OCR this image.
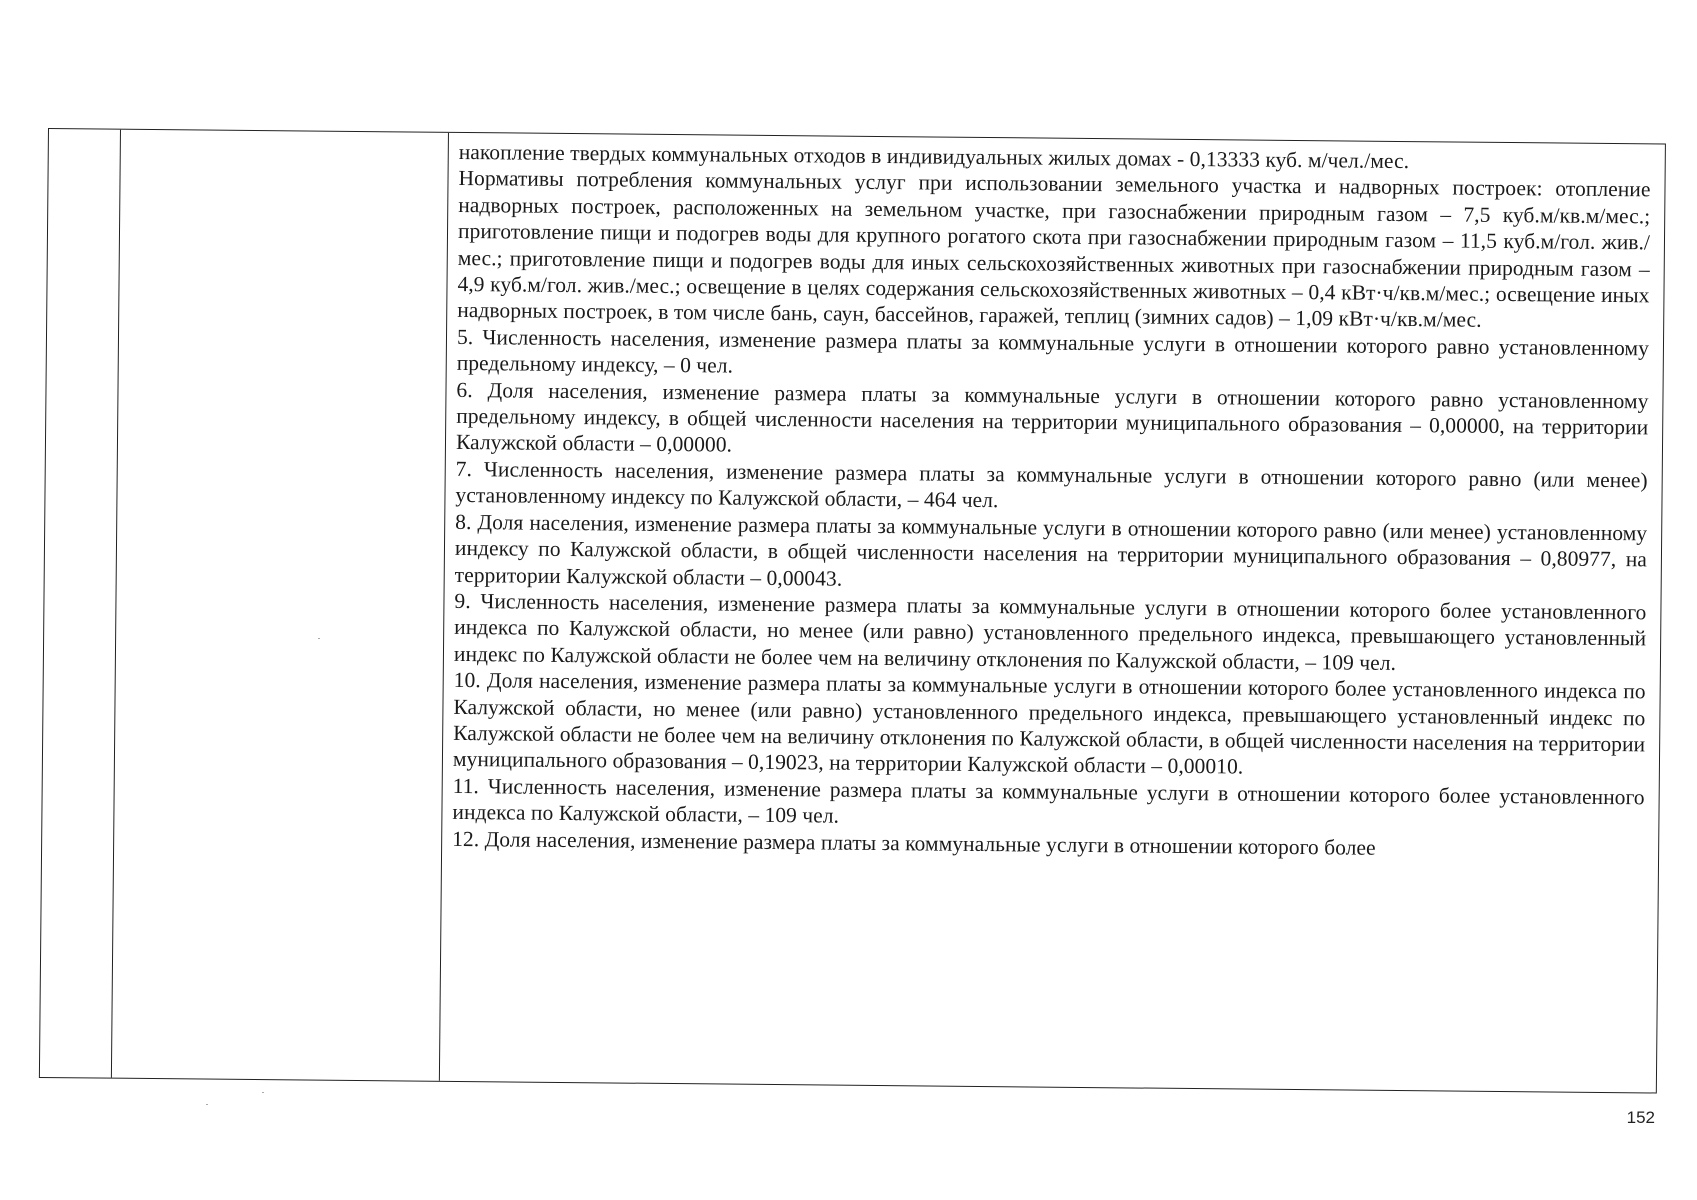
накопление твердых коммунальных отходов в индивидуальных жилых домах - 0,13333 куб. м/чел./мес.

Нормативы потребления коммунальных услуг при использовании земельного участка и надворных построек: отопление надворных построек, расположенных на земельном участке, при газоснабжении природным газом – 7,5 куб.м/кв.м/мес.; приготовление пищи и подогрев воды для крупного рогатого скота при газоснабжении природным газом – 11,5 куб.м/гол. жив./мес.; приготовление пищи и подогрев воды для иных сельскохозяйственных животных при газоснабжении природным газом – 4,9 куб.м/гол. жив./мес.; освещение в целях содержания сельскохозяйственных животных – 0,4 кВт·ч/кв.м/мес.; освещение иных надворных построек, в том числе бань, саун, бассейнов, гаражей, теплиц (зимних садов) – 1,09 кВт·ч/кв.м/мес.

5. Численность населения, изменение размера платы за коммунальные услуги в отношении которого равно установленному предельному индексу, – 0 чел.

6. Доля населения, изменение размера платы за коммунальные услуги в отношении которого равно установленному предельному индексу, в общей численности населения на территории муниципального образования – 0,00000, на территории Калужской области – 0,00000.

7. Численность населения, изменение размера платы за коммунальные услуги в отношении которого равно (или менее) установленному индексу по Калужской области, – 464 чел.

8. Доля населения, изменение размера платы за коммунальные услуги в отношении которого равно (или менее) установленному индексу по Калужской области, в общей численности населения на территории муниципального образования – 0,80977, на территории Калужской области – 0,00043.

9. Численность населения, изменение размера платы за коммунальные услуги в отношении которого более установленного индекса по Калужской области, но менее (или равно) установленного предельного индекса, превышающего установленный индекс по Калужской области не более чем на величину отклонения по Калужской области, – 109 чел.

10. Доля населения, изменение размера платы за коммунальные услуги в отношении которого более установленного индекса по Калужской области, но менее (или равно) установленного предельного индекса, превышающего установленный индекс по Калужской области не более чем на величину отклонения по Калужской области, в общей численности населения на территории муниципального образования – 0,19023, на территории Калужской области – 0,00010.

11. Численность населения, изменение размера платы за коммунальные услуги в отношении которого более установленного индекса по Калужской области, – 109 чел.

12. Доля населения, изменение размера платы за коммунальные услуги в отношении которого более

152
